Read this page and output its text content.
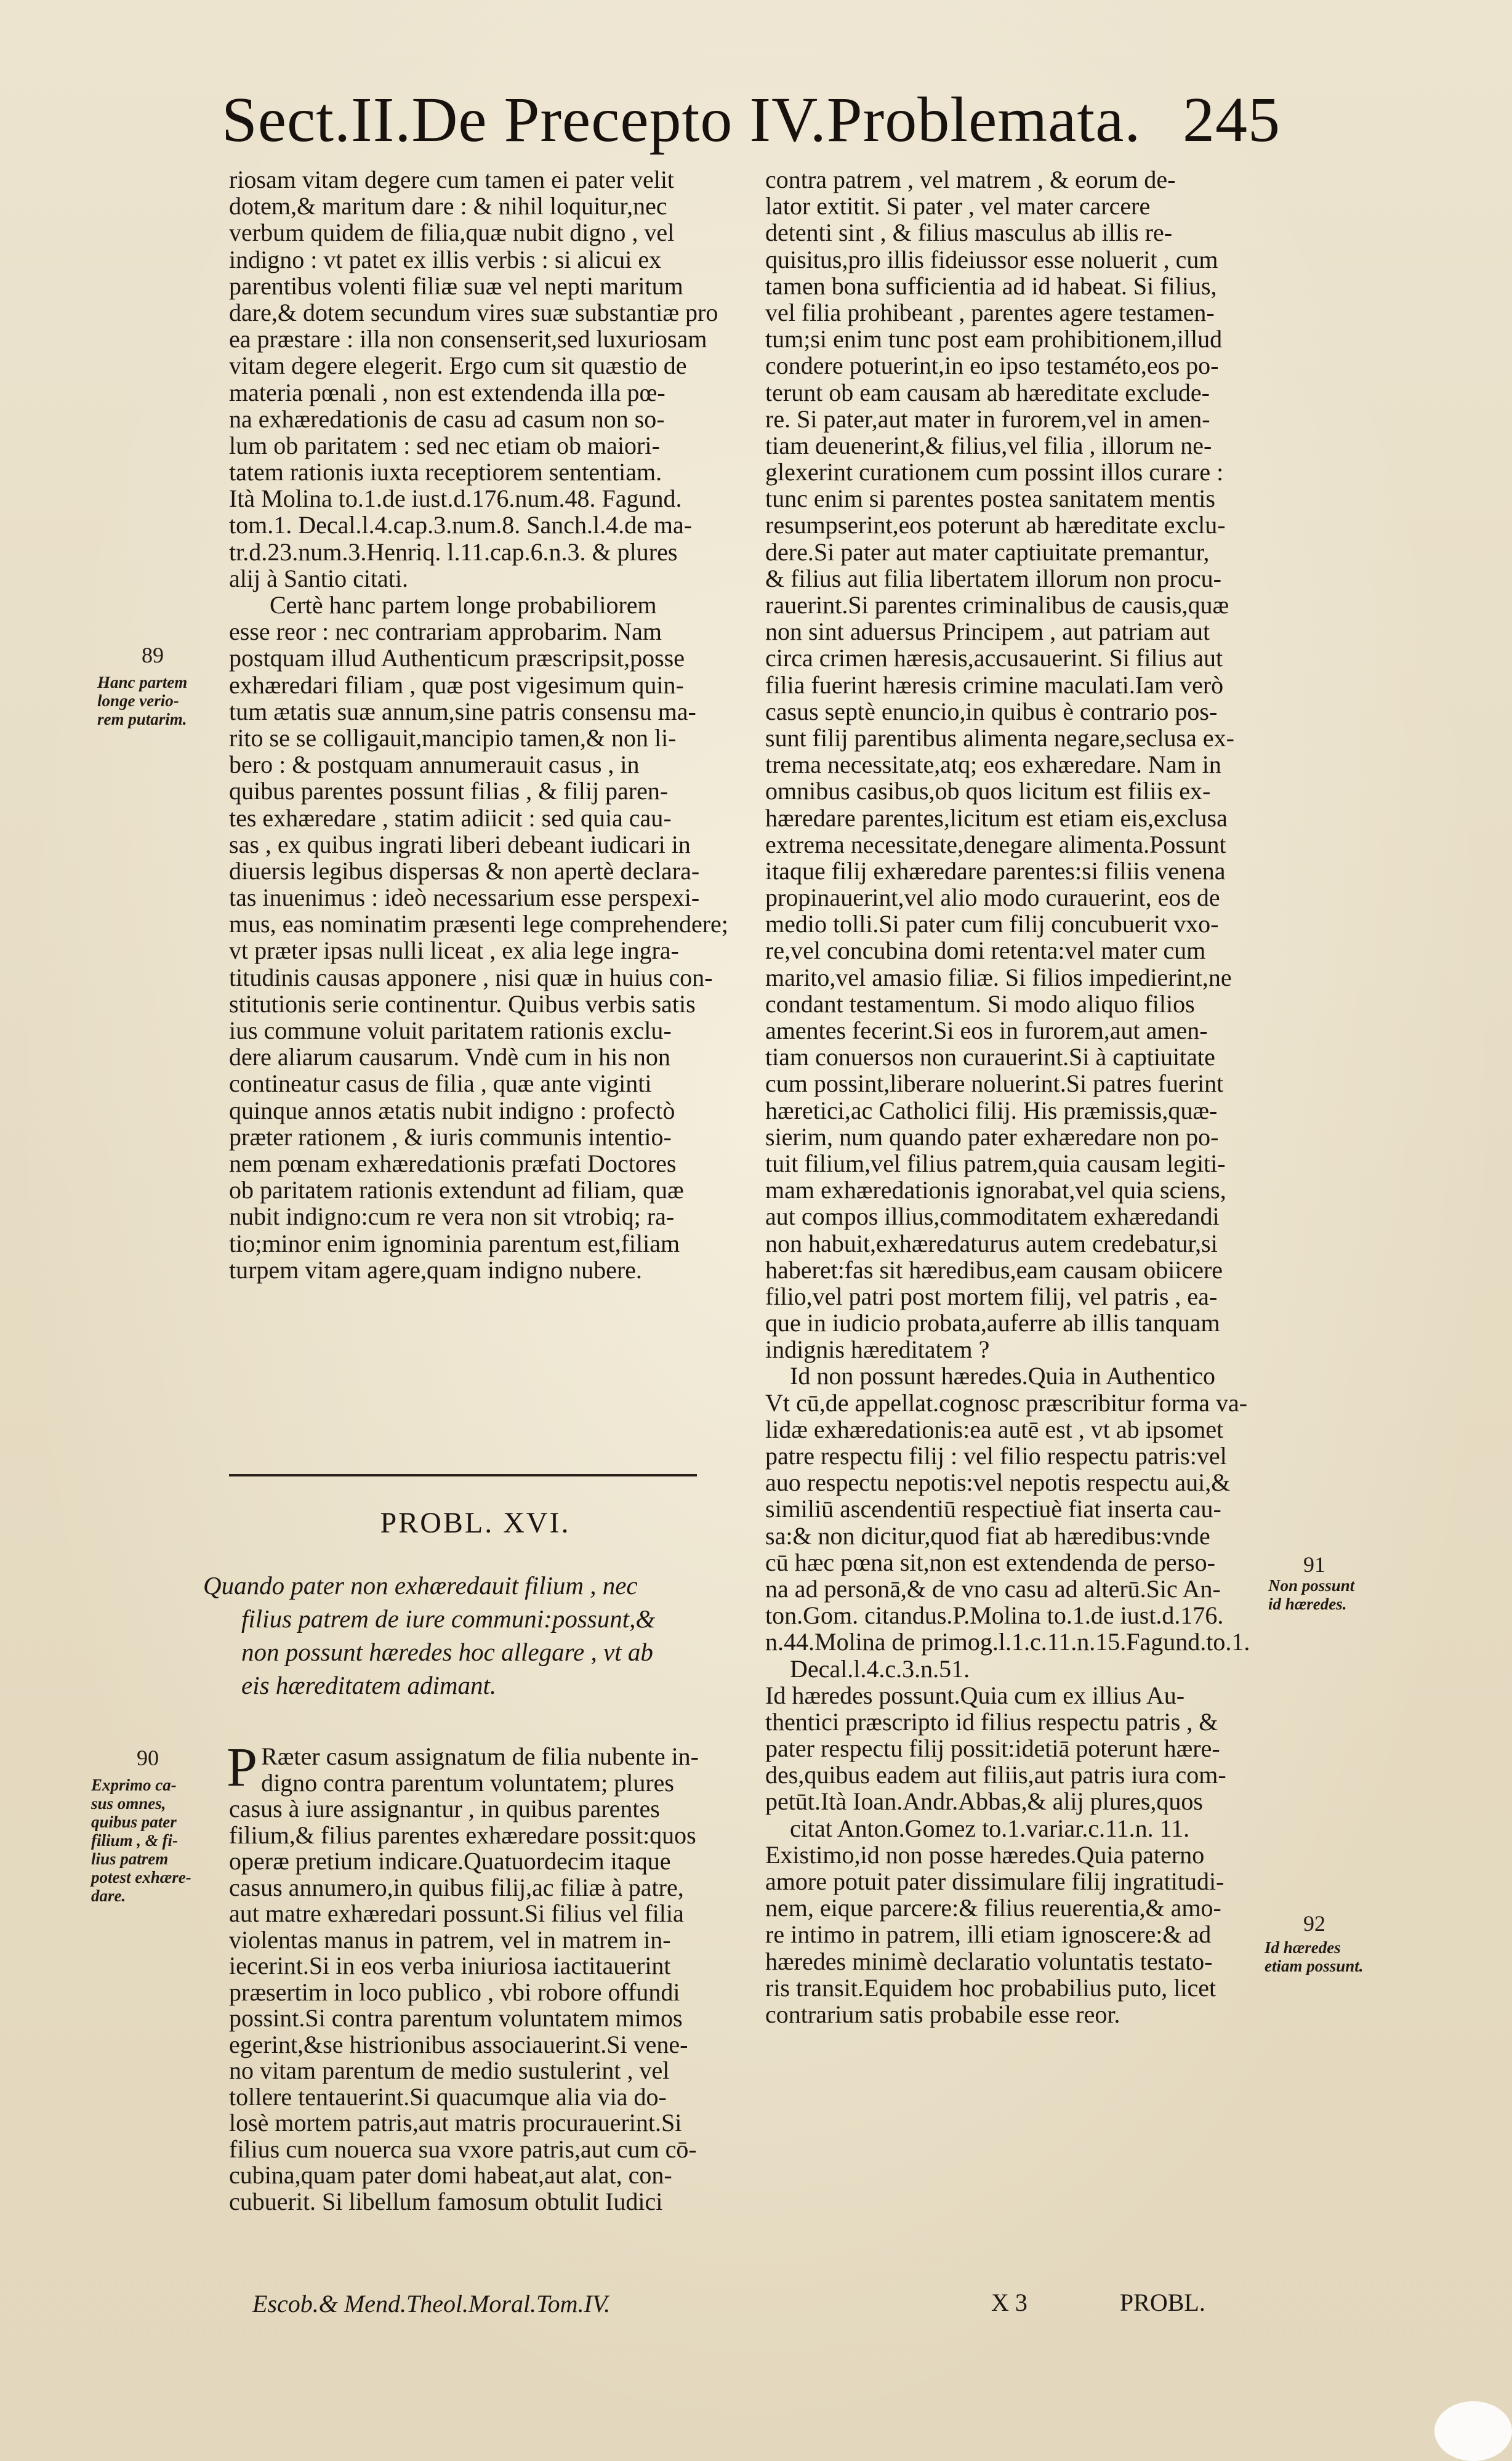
Sect.II.De Precepto IV.Problemata. 245
riosam vitam degere cum tamen ei pater velit
dotem,& maritum dare : & nihil loquitur,nec
verbum quidem de filia,quæ nubit digno , vel
indigno : vt patet ex illis verbis : si alicui ex
parentibus volenti filiæ suæ vel nepti maritum
dare,& dotem secundum vires suæ substantiæ pro
ea præstare : illa non consenserit,sed luxuriosam
vitam degere elegerit. Ergo cum sit quæstio de
materia pœnali , non est extendenda illa pœ-
na exhæredationis de casu ad casum non so-
lum ob paritatem : sed nec etiam ob maiori-
tatem rationis iuxta receptiorem sententiam.
Ità Molina to.1.de iust.d.176.num.48. Fagund.
tom.1. Decal.l.4.cap.3.num.8. Sanch.l.4.de ma-
tr.d.23.num.3.Henriq. l.11.cap.6.n.3. & plures
alij à Santio citati.
Certè hanc partem longe probabiliorem
esse reor : nec contrariam approbarim. Nam
postquam illud Authenticum præscripsit,posse
exhæredari filiam , quæ post vigesimum quin-
tum ætatis suæ annum,sine patris consensu ma-
rito se se colligauit,mancipio tamen,& non li-
bero : & postquam annumerauit casus , in
quibus parentes possunt filias , & filij paren-
tes exhæredare , statim adiicit : sed quia cau-
sas , ex quibus ingrati liberi debeant iudicari in
diuersis legibus dispersas & non apertè declara-
tas inuenimus : ideò necessarium esse perspexi-
mus, eas nominatim præsenti lege comprehendere;
vt præter ipsas nulli liceat , ex alia lege ingra-
titudinis causas apponere , nisi quæ in huius con-
stitutionis serie continentur. Quibus verbis satis
ius commune voluit paritatem rationis exclu-
dere aliarum causarum. Vndè cum in his non
contineatur casus de filia , quæ ante viginti
quinque annos ætatis nubit indigno : profectò
præter rationem , & iuris communis intentio-
nem pœnam exhæredationis præfati Doctores
ob paritatem rationis extendunt ad filiam, quæ
nubit indigno:cum re vera non sit vtrobiq; ra-
tio;minor enim ignominia parentum est,filiam
turpem vitam agere,quam indigno nubere.
PROBL. XVI.
Quando pater non exhæredauit filium , nec
filius patrem de iure communi:possunt,&
non possunt hæredes hoc allegare , vt ab
eis hæreditatem adimant.
P Ræter casum assignatum de filia nubente in-
digno contra parentum voluntatem; plures
casus à iure assignantur , in quibus parentes
filium,& filius parentes exhæredare possit:quos
operæ pretium indicare.Quatuordecim itaque
casus annumero,in quibus filij,ac filiæ à patre,
aut matre exhæredari possunt.Si filius vel filia
violentas manus in patrem, vel in matrem in-
iecerint.Si in eos verba iniuriosa iactitauerint
præsertim in loco publico , vbi robore offundi
possint.Si contra parentum voluntatem mimos
egerint,&se histrionibus associauerint.Si vene-
no vitam parentum de medio sustulerint , vel
tollere tentauerint.Si quacumque alia via do-
losè mortem patris,aut matris procurauerint.Si
filius cum nouerca sua vxore patris,aut cum cō-
cubina,quam pater domi habeat,aut alat, con-
cubuerit. Si libellum famosum obtulit Iudici
contra patrem , vel matrem , & eorum de-
lator extitit. Si pater , vel mater carcere
detenti sint , & filius masculus ab illis re-
quisitus,pro illis fideiussor esse noluerit , cum
tamen bona sufficientia ad id habeat. Si filius,
vel filia prohibeant , parentes agere testamen-
tum;si enim tunc post eam prohibitionem,illud
condere potuerint,in eo ipso testaméto,eos po-
terunt ob eam causam ab hæreditate exclude-
re. Si pater,aut mater in furorem,vel in amen-
tiam deuenerint,& filius,vel filia , illorum ne-
glexerint curationem cum possint illos curare :
tunc enim si parentes postea sanitatem mentis
resumpserint,eos poterunt ab hæreditate exclu-
dere.Si pater aut mater captiuitate premantur,
& filius aut filia libertatem illorum non procu-
rauerint.Si parentes criminalibus de causis,quæ
non sint aduersus Principem , aut patriam aut
circa crimen hæresis,accusauerint. Si filius aut
filia fuerint hæresis crimine maculati.Iam verò
casus septè enuncio,in quibus è contrario pos-
sunt filij parentibus alimenta negare,seclusa ex-
trema necessitate,atq; eos exhæredare. Nam in
omnibus casibus,ob quos licitum est filiis ex-
hæredare parentes,licitum est etiam eis,exclusa
extrema necessitate,denegare alimenta.Possunt
itaque filij exhæredare parentes:si filiis venena
propinauerint,vel alio modo curauerint, eos de
medio tolli.Si pater cum filij concubuerit vxo-
re,vel concubina domi retenta:vel mater cum
marito,vel amasio filiæ. Si filios impedierint,ne
condant testamentum. Si modo aliquo filios
amentes fecerint.Si eos in furorem,aut amen-
tiam conuersos non curauerint.Si à captiuitate
cum possint,liberare noluerint.Si patres fuerint
hæretici,ac Catholici filij. His præmissis,quæ-
sierim, num quando pater exhæredare non po-
tuit filium,vel filius patrem,quia causam legiti-
mam exhæredationis ignorabat,vel quia sciens,
aut compos illius,commoditatem exhæredandi
non habuit,exhæredaturus autem credebatur,si
haberet:fas sit hæredibus,eam causam obiicere
filio,vel patri post mortem filij, vel patris , ea-
que in iudicio probata,auferre ab illis tanquam
indignis hæreditatem ?
Id non possunt hæredes.Quia in Authentico
Vt cū,de appellat.cognosc præscribitur forma va-
lidæ exhæredationis:ea autē est , vt ab ipsomet
patre respectu filij : vel filio respectu patris:vel
auo respectu nepotis:vel nepotis respectu aui,&
similiū ascendentiū respectiuè fiat inserta cau-
sa:& non dicitur,quod fiat ab hæredibus:vnde
cū hæc pœna sit,non est extendenda de perso-
na ad personā,& de vno casu ad alterū.Sic An-
ton.Gom. citandus.P.Molina to.1.de iust.d.176.
n.44.Molina de primog.l.1.c.11.n.15.Fagund.to.1.
Decal.l.4.c.3.n.51.
Id hæredes possunt.Quia cum ex illius Au-
thentici præscripto id filius respectu patris , &
pater respectu filij possit:idetiā poterunt hære-
des,quibus eadem aut filiis,aut patris iura com-
petūt.Ità Ioan.Andr.Abbas,& alij plures,quos
citat Anton.Gomez to.1.variar.c.11.n. 11.
Existimo,id non posse hæredes.Quia paterno
amore potuit pater dissimulare filij ingratitudi-
nem, eique parcere:& filius reuerentia,& amo-
re intimo in patrem, illi etiam ignoscere:& ad
hæredes minimè declaratio voluntatis testato-
ris transit.Equidem hoc probabilius puto, licet
contrarium satis probabile esse reor.
89
Hanc partem
longe verio-
rem putarim.
90
Exprimo ca-
sus omnes,
quibus pater
filium , & fi-
lius patrem
potest exhære-
dare.
91
Non possunt
id hæredes.
92
Id hæredes
etiam possunt.
Escob.& Mend.Theol.Moral.Tom.IV.	X 3	PROBL.
